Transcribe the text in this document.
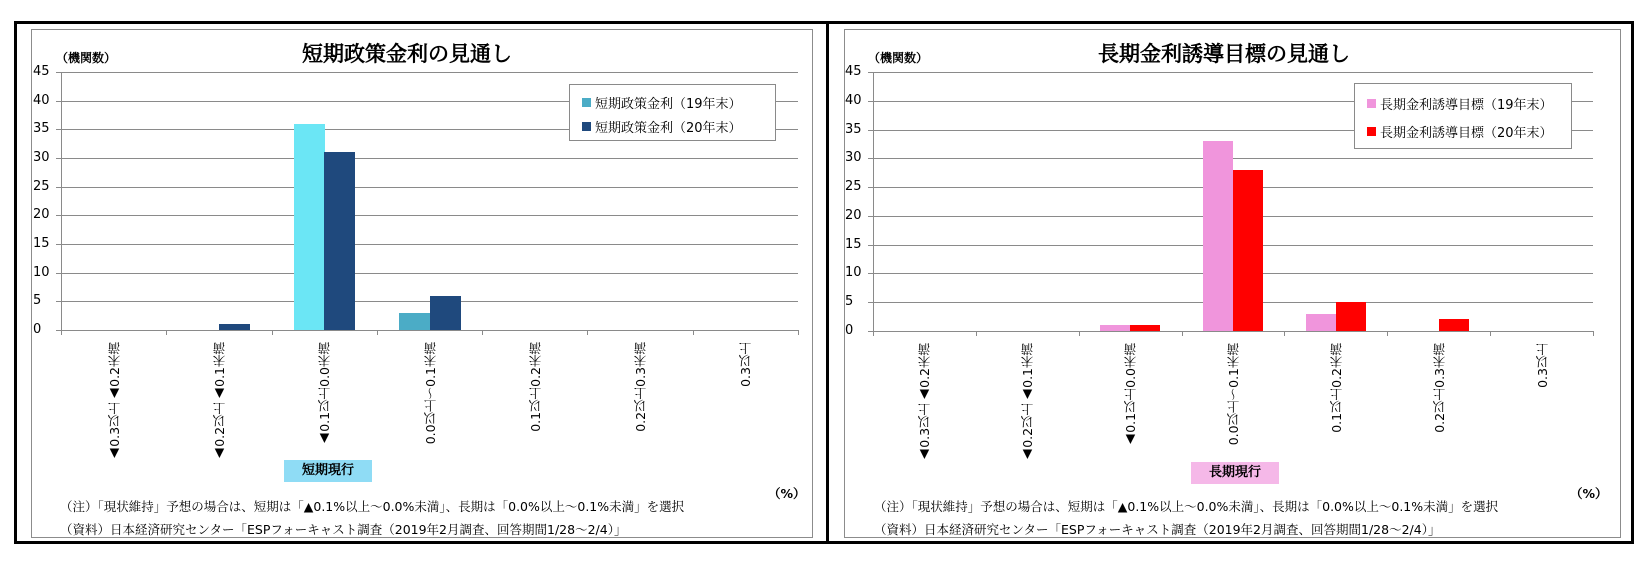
短期政策金利の見通し
（機関数）
0
5
10
15
20
25
30
35
40
45
▲0.3以上▲0.2未満	▲0.2以上▲0.1未満	▲0.1以上0.0未満	0.0以上～0.1未満	0.1以上0.2未満	0.2以上0.3未満	0.3以上
短期政策金利（19年末）
短期政策金利（20年末）
短期現行
（%）
（注）「現状維持」予想の場合は、短期は「▲0.1%以上～0.0%未満」、長期は「0.0%以上～0.1%未満」を選択
（資料）日本経済研究センター「ESPフォーキャスト調査（2019年2月調査、回答期間1/28～2/4）」
長期金利誘導目標の見通し
（機関数）
0
5
10
15
20
25
30
35
40
45
▲0.3以上▲0.2未満	▲0.2以上▲0.1未満	▲0.1以上0.0未満	0.0以上～0.1未満	0.1以上0.2未満	0.2以上0.3未満	0.3以上
長期金利誘導目標（19年末）
長期金利誘導目標（20年末）
長期現行
（%）
（注）「現状維持」予想の場合は、短期は「▲0.1%以上～0.0%未満」、長期は「0.0%以上～0.1%未満」を選択
（資料）日本経済研究センター「ESPフォーキャスト調査（2019年2月調査、回答期間1/28～2/4）」
